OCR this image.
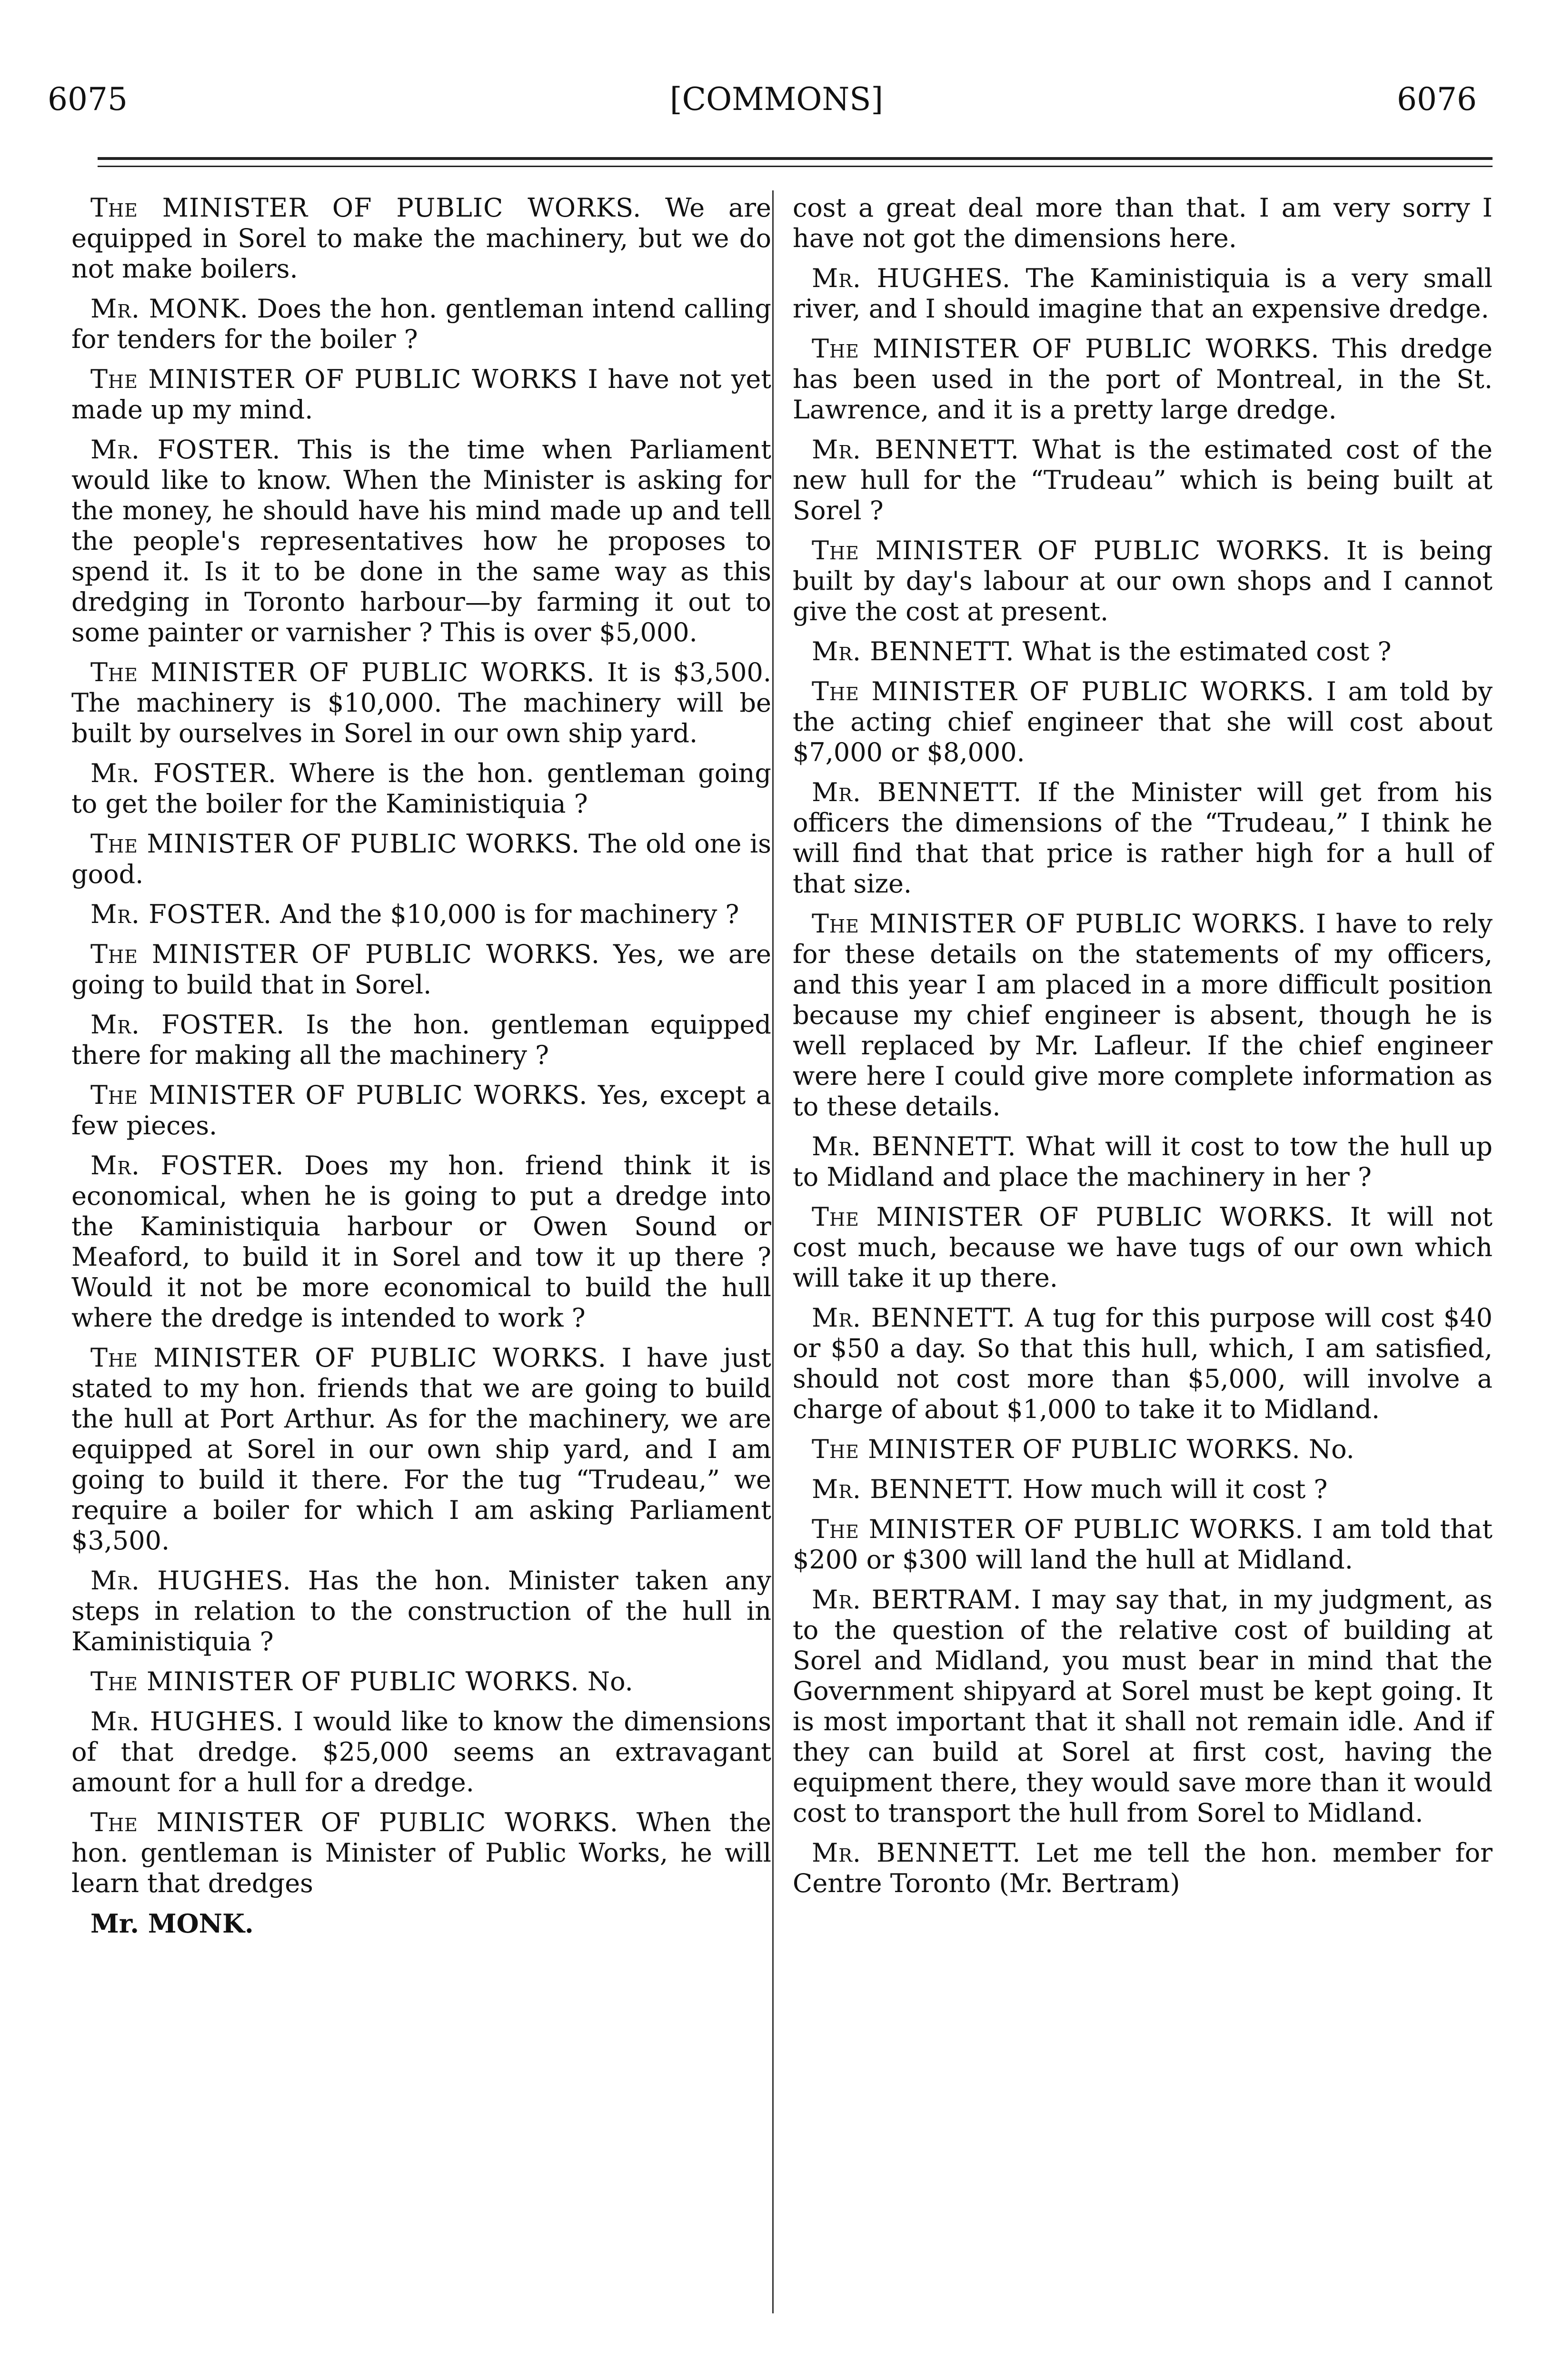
6075	[COMMONS]	6076

The MINISTER OF PUBLIC WORKS. We are equipped in Sorel to make the machinery, but we do not make boilers.

Mr. MONK. Does the hon. gentleman intend calling for tenders for the boiler ?

The MINISTER OF PUBLIC WORKS I have not yet made up my mind.

Mr. FOSTER. This is the time when Parliament would like to know. When the Minister is asking for the money, he should have his mind made up and tell the people's representatives how he proposes to spend it. Is it to be done in the same way as this dredging in Toronto harbour—by farming it out to some painter or varnisher ? This is over $5,000.

The MINISTER OF PUBLIC WORKS. It is $3,500. The machinery is $10,000. The machinery will be built by ourselves in Sorel in our own ship yard.

Mr. FOSTER. Where is the hon. gentleman going to get the boiler for the Kaministiquia ?

The MINISTER OF PUBLIC WORKS. The old one is good.

Mr. FOSTER. And the $10,000 is for machinery ?

The MINISTER OF PUBLIC WORKS. Yes, we are going to build that in Sorel.

Mr. FOSTER. Is the hon. gentleman equipped there for making all the machinery ?

The MINISTER OF PUBLIC WORKS. Yes, except a few pieces.

Mr. FOSTER. Does my hon. friend think it is economical, when he is going to put a dredge into the Kaministiquia harbour or Owen Sound or Meaford, to build it in Sorel and tow it up there ? Would it not be more economical to build the hull where the dredge is intended to work ?

The MINISTER OF PUBLIC WORKS. I have just stated to my hon. friends that we are going to build the hull at Port Arthur. As for the machinery, we are equipped at Sorel in our own ship yard, and I am going to build it there. For the tug “Trudeau,” we require a boiler for which I am asking Parliament $3,500.

Mr. HUGHES. Has the hon. Minister taken any steps in relation to the construction of the hull in Kaministiquia ?

The MINISTER OF PUBLIC WORKS. No.

Mr. HUGHES. I would like to know the dimensions of that dredge. $25,000 seems an extravagant amount for a hull for a dredge.

The MINISTER OF PUBLIC WORKS. When the hon. gentleman is Minister of Public Works, he will learn that dredges

Mr. MONK.

cost a great deal more than that. I am very sorry I have not got the dimensions here.

Mr. HUGHES. The Kaministiquia is a very small river, and I should imagine that an expensive dredge.

The MINISTER OF PUBLIC WORKS. This dredge has been used in the port of Montreal, in the St. Lawrence, and it is a pretty large dredge.

Mr. BENNETT. What is the estimated cost of the new hull for the “Trudeau” which is being built at Sorel ?

The MINISTER OF PUBLIC WORKS. It is being built by day's labour at our own shops and I cannot give the cost at present.

Mr. BENNETT. What is the estimated cost ?

The MINISTER OF PUBLIC WORKS. I am told by the acting chief engineer that she will cost about $7,000 or $8,000.

Mr. BENNETT. If the Minister will get from his officers the dimensions of the “Trudeau,” I think he will find that that price is rather high for a hull of that size.

The MINISTER OF PUBLIC WORKS. I have to rely for these details on the statements of my officers, and this year I am placed in a more difficult position because my chief engineer is absent, though he is well replaced by Mr. Lafleur. If the chief engineer were here I could give more complete information as to these details.

Mr. BENNETT. What will it cost to tow the hull up to Midland and place the machinery in her ?

The MINISTER OF PUBLIC WORKS. It will not cost much, because we have tugs of our own which will take it up there.

Mr. BENNETT. A tug for this purpose will cost $40 or $50 a day. So that this hull, which, I am satisfied, should not cost more than $5,000, will involve a charge of about $1,000 to take it to Midland.

The MINISTER OF PUBLIC WORKS. No.

Mr. BENNETT. How much will it cost ?

The MINISTER OF PUBLIC WORKS. I am told that $200 or $300 will land the hull at Midland.

Mr. BERTRAM. I may say that, in my judgment, as to the question of the relative cost of building at Sorel and Midland, you must bear in mind that the Government shipyard at Sorel must be kept going. It is most important that it shall not remain idle. And if they can build at Sorel at first cost, having the equipment there, they would save more than it would cost to transport the hull from Sorel to Midland.

Mr. BENNETT. Let me tell the hon. member for Centre Toronto (Mr. Bertram)
